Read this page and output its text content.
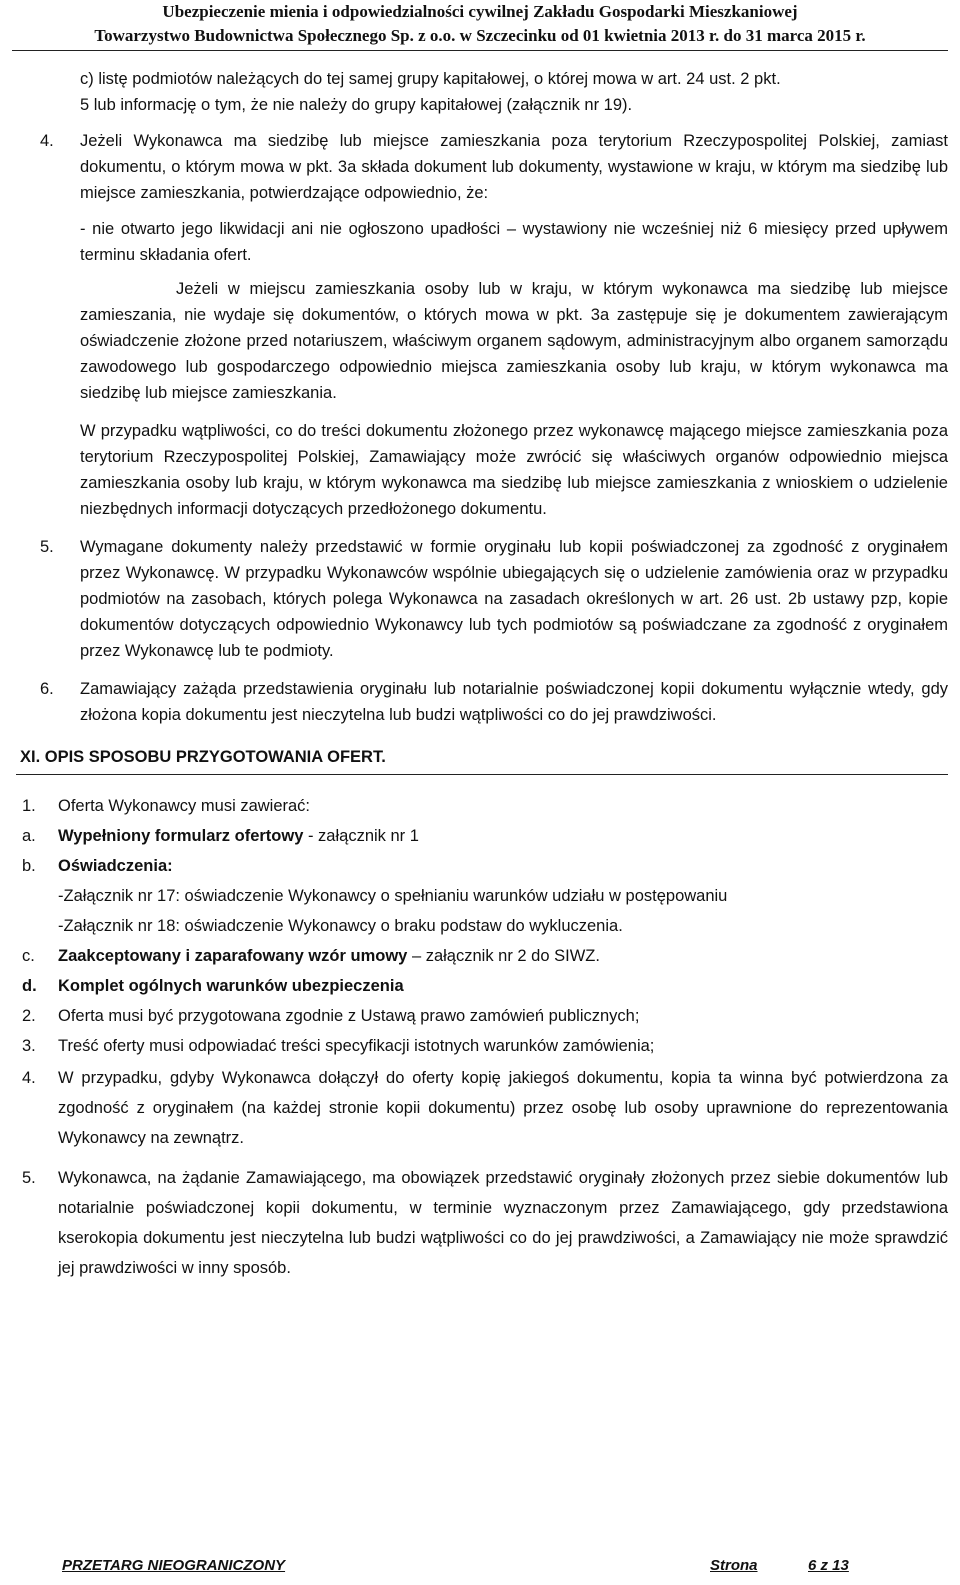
Ubezpieczenie mienia i odpowiedzialności cywilnej Zakładu Gospodarki Mieszkaniowej
Towarzystwo Budownictwa Społecznego Sp. z o.o. w Szczecinku od 01 kwietnia 2013 r. do 31 marca 2015 r.
c) listę podmiotów należących do tej samej grupy kapitałowej, o której mowa w art. 24 ust. 2 pkt.
5 lub informację o tym, że nie należy do grupy kapitałowej (załącznik nr 19).
4. Jeżeli Wykonawca ma siedzibę lub miejsce zamieszkania poza terytorium Rzeczypospolitej Polskiej, zamiast dokumentu, o którym mowa w pkt. 3a składa dokument lub dokumenty, wystawione w kraju, w którym ma siedzibę lub miejsce zamieszkania, potwierdzające odpowiednio, że:
- nie otwarto jego likwidacji ani nie ogłoszono upadłości – wystawiony nie wcześniej niż 6 miesięcy przed upływem terminu składania ofert.
Jeżeli w miejscu zamieszkania osoby lub w kraju, w którym wykonawca ma siedzibę lub miejsce zamieszania, nie wydaje się dokumentów, o których mowa w pkt. 3a zastępuje się je dokumentem zawierającym oświadczenie złożone przed notariuszem, właściwym organem sądowym, administracyjnym albo organem samorządu zawodowego lub gospodarczego odpowiednio miejsca zamieszkania osoby lub kraju, w którym wykonawca ma siedzibę lub miejsce zamieszkania.
W przypadku wątpliwości, co do treści dokumentu złożonego przez wykonawcę mającego miejsce zamieszkania poza terytorium Rzeczypospolitej Polskiej, Zamawiający może zwrócić się właściwych organów odpowiednio miejsca zamieszkania osoby lub kraju, w którym wykonawca ma siedzibę lub miejsce zamieszkania z wnioskiem o udzielenie niezbędnych informacji dotyczących przedłożonego dokumentu.
5. Wymagane dokumenty należy przedstawić w formie oryginału lub kopii poświadczonej za zgodność z oryginałem przez Wykonawcę. W przypadku Wykonawców wspólnie ubiegających się o udzielenie zamówienia oraz w przypadku podmiotów na zasobach, których polega Wykonawca na zasadach określonych w art. 26 ust. 2b ustawy pzp, kopie dokumentów dotyczących odpowiednio Wykonawcy lub tych podmiotów są poświadczane za zgodność z oryginałem przez Wykonawcę lub te podmioty.
6. Zamawiający zażąda przedstawienia oryginału lub notarialnie poświadczonej kopii dokumentu wyłącznie wtedy, gdy złożona kopia dokumentu jest nieczytelna lub budzi wątpliwości co do jej prawdziwości.
XI. OPIS SPOSOBU PRZYGOTOWANIA OFERT.
1. Oferta Wykonawcy musi zawierać:
a. Wypełniony formularz ofertowy - załącznik nr 1
b. Oświadczenia:
-Załącznik nr 17: oświadczenie Wykonawcy o spełnianiu warunków udziału w postępowaniu
-Załącznik nr 18: oświadczenie Wykonawcy o braku podstaw do wykluczenia.
c. Zaakceptowany i zaparafowany wzór umowy – załącznik nr 2 do SIWZ.
d. Komplet ogólnych warunków ubezpieczenia
2. Oferta musi być przygotowana zgodnie z Ustawą prawo zamówień publicznych;
3. Treść oferty musi odpowiadać treści specyfikacji istotnych warunków zamówienia;
4. W przypadku, gdyby Wykonawca dołączył do oferty kopię jakiegoś dokumentu, kopia ta winna być potwierdzona za zgodność z oryginałem (na każdej stronie kopii dokumentu) przez osobę lub osoby uprawnione do reprezentowania Wykonawcy na zewnątrz.
5. Wykonawca, na żądanie Zamawiającego, ma obowiązek przedstawić oryginały złożonych przez siebie dokumentów lub notarialnie poświadczonej kopii dokumentu, w terminie wyznaczonym przez Zamawiającego, gdy przedstawiona kserokopia dokumentu jest nieczytelna lub budzi wątpliwości co do jej prawdziwości, a Zamawiający nie może sprawdzić jej prawdziwości w inny sposób.
PRZETARG NIEOGRANICZONY	Strona	6 z 13
